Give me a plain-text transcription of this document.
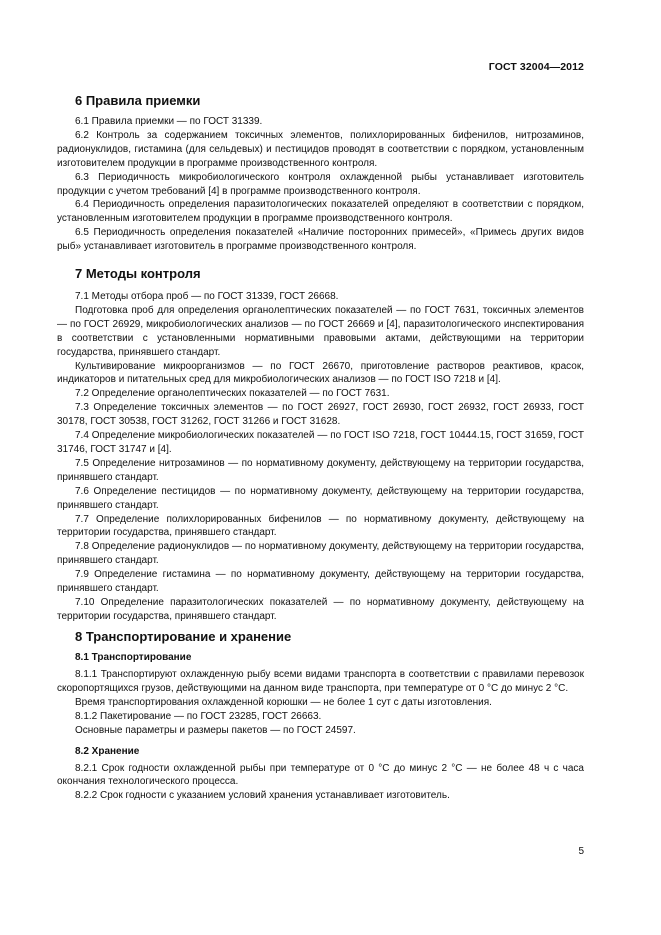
ГОСТ 32004—2012
6 Правила приемки

6.1 Правила приемки — по ГОСТ 31339.

6.2 Контроль за содержанием токсичных элементов, полихлорированных бифенилов, нитрозаминов, радионуклидов, гистамина (для сельдевых) и пестицидов проводят в соответствии с порядком, установленным изготовителем продукции в программе производственного контроля.

6.3 Периодичность микробиологического контроля охлажденной рыбы устанавливает изготовитель продукции с учетом требований [4] в программе производственного контроля.

6.4 Периодичность определения паразитологических показателей определяют в соответствии с порядком, установленным изготовителем продукции в программе производственного контроля.

6.5 Периодичность определения показателей «Наличие посторонних примесей», «Примесь других видов рыб» устанавливает изготовитель в программе производственного контроля.

7 Методы контроля

7.1 Методы отбора проб — по ГОСТ 31339, ГОСТ 26668.

Подготовка проб для определения органолептических показателей — по ГОСТ 7631, токсичных элементов — по ГОСТ 26929, микробиологических анализов — по ГОСТ 26669 и [4], паразитологического инспектирования в соответствии с установленными нормативными правовыми актами, действующими на территории государства, принявшего стандарт.

Культивирование микроорганизмов — по ГОСТ 26670, приготовление растворов реактивов, красок, индикаторов и питательных сред для микробиологических анализов — по ГОСТ ISO 7218 и [4].

7.2 Определение органолептических показателей — по ГОСТ 7631.

7.3 Определение токсичных элементов — по ГОСТ 26927, ГОСТ 26930, ГОСТ 26932, ГОСТ 26933, ГОСТ 30178, ГОСТ 30538, ГОСТ 31262, ГОСТ 31266 и ГОСТ 31628.

7.4 Определение микробиологических показателей — по ГОСТ ISO 7218, ГОСТ 10444.15, ГОСТ 31659, ГОСТ 31746, ГОСТ 31747 и [4].

7.5 Определение нитрозаминов — по нормативному документу, действующему на территории государства, принявшего стандарт.

7.6 Определение пестицидов — по нормативному документу, действующему на территории государства, принявшего стандарт.

7.7 Определение полихлорированных бифенилов — по нормативному документу, действующему на территории государства, принявшего стандарт.

7.8 Определение радионуклидов — по нормативному документу, действующему на территории государства, принявшего стандарт.

7.9 Определение гистамина — по нормативному документу, действующему на территории государства, принявшего стандарт.

7.10 Определение паразитологических показателей — по нормативному документу, действующему на территории государства, принявшего стандарт.

8 Транспортирование и хранение
8.1 Транспортирование

8.1.1 Транспортируют охлажденную рыбу всеми видами транспорта в соответствии с правилами перевозок скоропортящихся грузов, действующими на данном виде транспорта, при температуре от 0 °С до минус 2 °С.

Время транспортирования охлажденной корюшки — не более 1 сут с даты изготовления.

8.1.2 Пакетирование — по ГОСТ 23285, ГОСТ 26663.

Основные параметры и размеры пакетов — по ГОСТ 24597.

8.2 Хранение

8.2.1 Срок годности охлажденной рыбы при температуре от 0 °С до минус 2 °С — не более 48 ч с часа окончания технологического процесса.

8.2.2 Срок годности с указанием условий хранения устанавливает изготовитель.

5
